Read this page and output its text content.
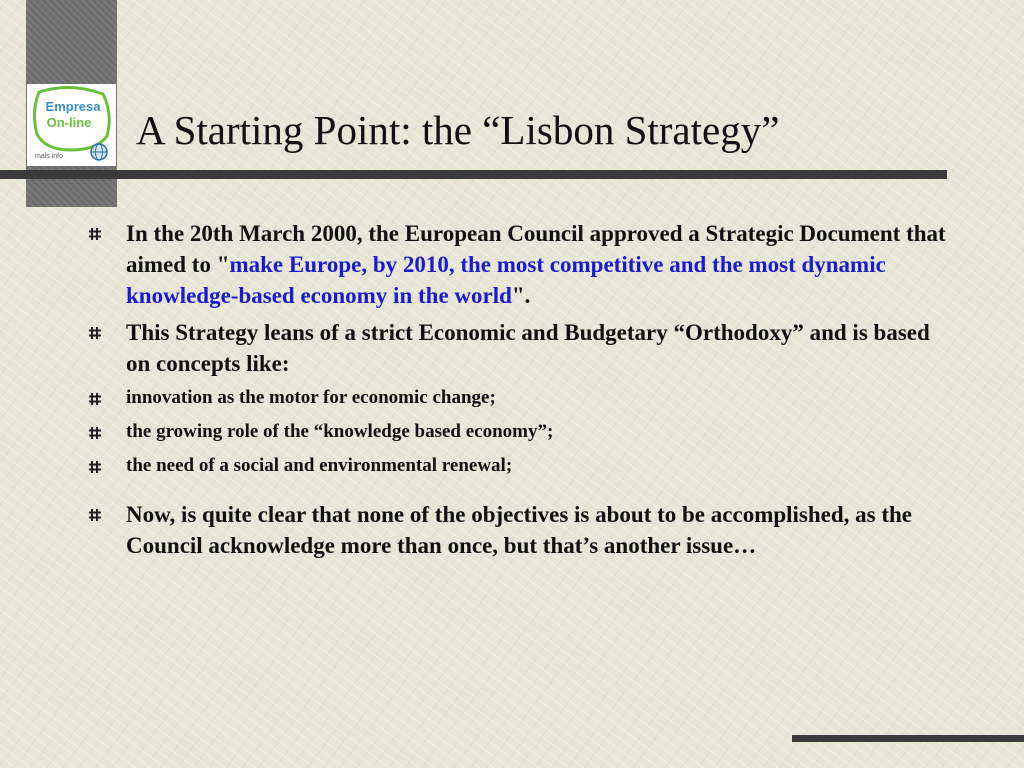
Empresa
On-line
mais info
A Starting Point: the “Lisbon Strategy”
In the 20th March 2000, the European Council approved a Strategic Document that aimed to "make Europe, by 2010, the most competitive and the most dynamic knowledge-based economy in the world".
This Strategy leans of a strict Economic and Budgetary “Orthodoxy” and is based on concepts like:
innovation as the motor for economic change;
the growing role of the “knowledge based economy”;
the need of a social and environmental renewal;
Now, is quite clear that none of the objectives is about to be accomplished, as the Council acknowledge more than once, but that’s another issue…
